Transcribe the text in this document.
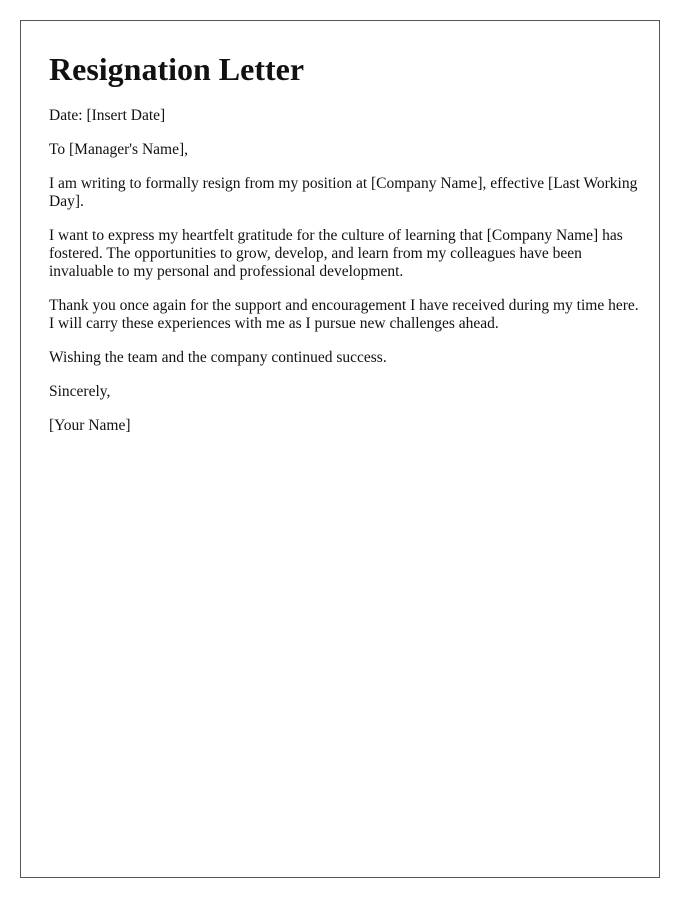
Resignation Letter

Date: [Insert Date]

To [Manager's Name],

I am writing to formally resign from my position at [Company Name], effective [Last Working Day].

I want to express my heartfelt gratitude for the culture of learning that [Company Name] has fostered. The opportunities to grow, develop, and learn from my colleagues have been invaluable to my personal and professional development.

Thank you once again for the support and encouragement I have received during my time here. I will carry these experiences with me as I pursue new challenges ahead.

Wishing the team and the company continued success.

Sincerely,

[Your Name]
